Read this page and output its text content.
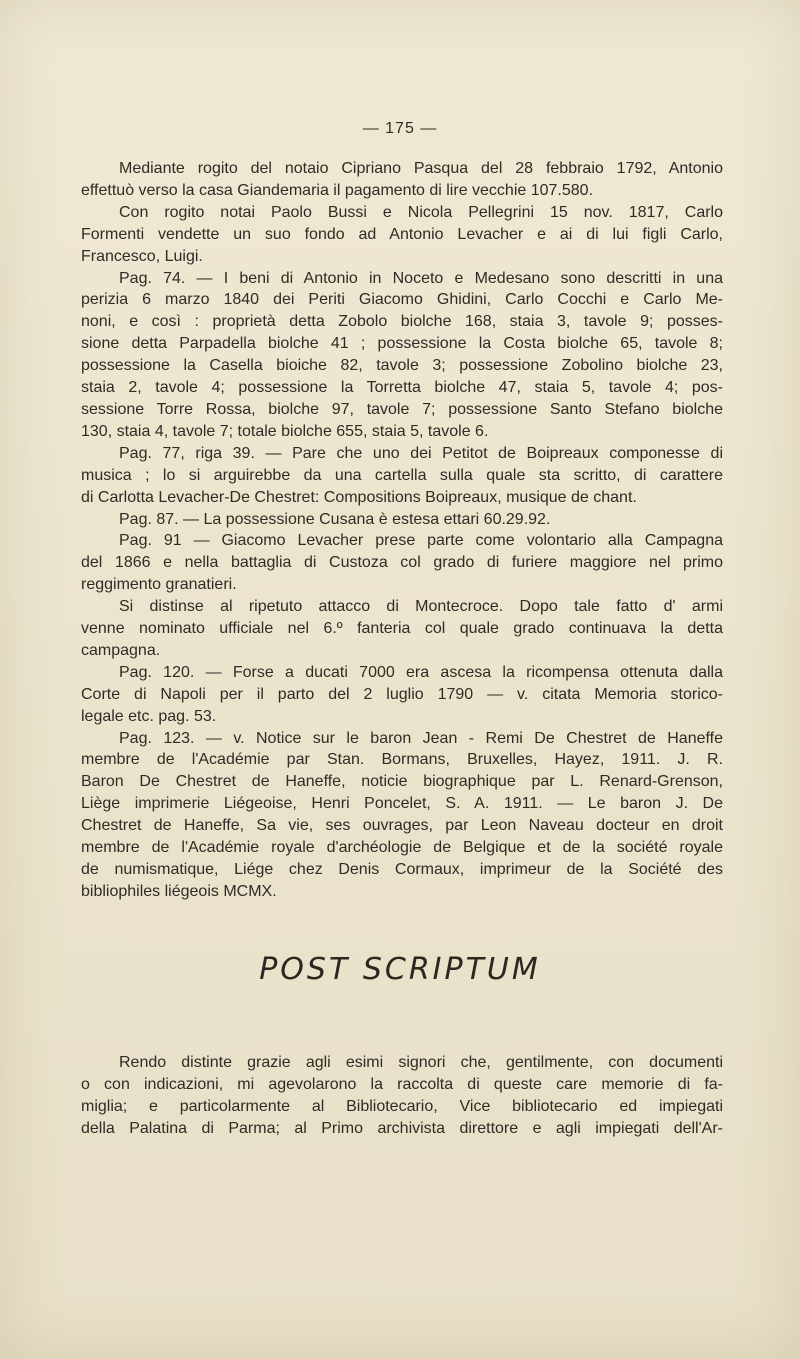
— 175 —

Mediante rogito del notaio Cipriano Pasqua del 28 febbraio 1792, Antonio
effettuò verso la casa Giandemaria il pagamento di lire vecchie 107.580.

Con rogito notai Paolo Bussi e Nicola Pellegrini 15 nov. 1817, Carlo
Formenti vendette un suo fondo ad Antonio Levacher e ai di lui figli Carlo,
Francesco, Luigi.

Pag. 74. — I beni di Antonio in Noceto e Medesano sono descritti in una
perizia 6 marzo 1840 dei Periti Giacomo Ghidini, Carlo Cocchi e Carlo Me-
noni, e così : proprietà detta Zobolo biolche 168, staia 3, tavole 9; posses-
sione detta Parpadella biolche 41 ; possessione la Costa biolche 65, tavole 8;
possessione la Casella bioiche 82, tavole 3; possessione Zobolino biolche 23,
staia 2, tavole 4; possessione la Torretta biolche 47, staia 5, tavole 4; pos-
sessione Torre Rossa, biolche 97, tavole 7; possessione Santo Stefano biolche
130, staia 4, tavole 7; totale biolche 655, staia 5, tavole 6.

Pag. 77, riga 39. — Pare che uno dei Petitot de Boipreaux componesse di
musica ; lo si arguirebbe da una cartella sulla quale sta scritto, di carattere
di Carlotta Levacher-De Chestret: Compositions Boipreaux, musique de chant.

Pag. 87. — La possessione Cusana è estesa ettari 60.29.92.

Pag. 91 — Giacomo Levacher prese parte come volontario alla Campagna
del 1866 e nella battaglia di Custoza col grado di furiere maggiore nel primo
reggimento granatieri.

Si distinse al ripetuto attacco di Montecroce. Dopo tale fatto d' armi
venne nominato ufficiale nel 6.º fanteria col quale grado continuava la detta
campagna.

Pag. 120. — Forse a ducati 7000 era ascesa la ricompensa ottenuta dalla
Corte di Napoli per il parto del 2 luglio 1790 — v. citata Memoria storico-
legale etc. pag. 53.

Pag. 123. — v. Notice sur le baron Jean - Remi De Chestret de Haneffe
membre de l'Académie par Stan. Bormans, Bruxelles, Hayez, 1911. J. R.
Baron De Chestret de Haneffe, noticie biographique par L. Renard-Grenson,
Liège imprimerie Liégeoise, Henri Poncelet, S. A. 1911. — Le baron J. De
Chestret de Haneffe, Sa vie, ses ouvrages, par Leon Naveau docteur en droit
membre de l'Académie royale d'archéologie de Belgique et de la société royale
de numismatique, Liége chez Denis Cormaux, imprimeur de la Société des
bibliophiles liégeois MCMX.

POST SCRIPTUM

Rendo distinte grazie agli esimi signori che, gentilmente, con documenti
o con indicazioni, mi agevolarono la raccolta di queste care memorie di fa-
miglia; e particolarmente al Bibliotecario, Vice bibliotecario ed impiegati
della Palatina di Parma; al Primo archivista direttore e agli impiegati dell'Ar-
